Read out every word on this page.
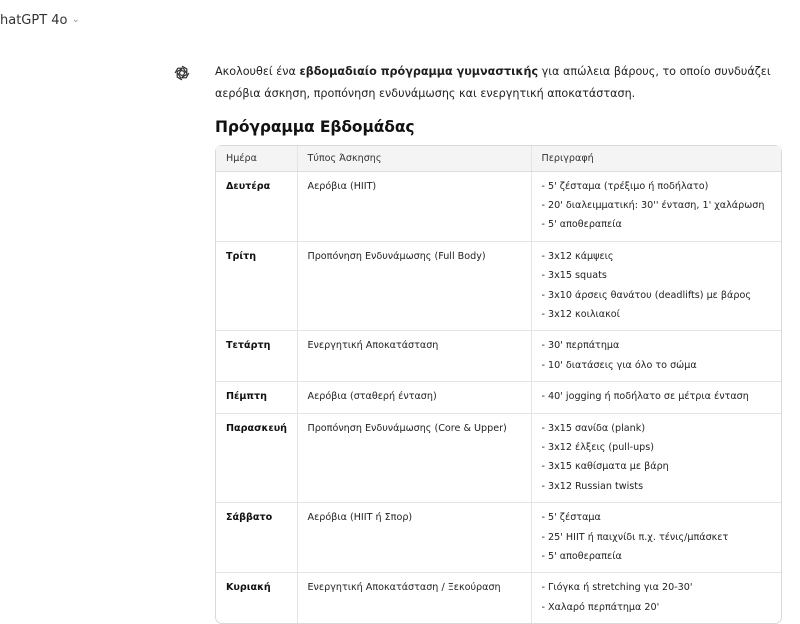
hatGPT 4o ⌄

Ακολουθεί ένα εβδομαδιαίο πρόγραμμα γυμναστικής για απώλεια βάρους, το οποίο συνδυάζει αερόβια άσκηση, προπόνηση ενδυνάμωσης και ενεργητική αποκατάσταση.

Πρόγραμμα Εβδομάδας
Ημέρα	Τύπος Άσκησης	Περιγραφή
Δευτέρα	Αερόβια (HIIT)	- 5' ζέσταμα (τρέξιμο ή ποδήλατο)
- 20' διαλειμματική: 30'' ένταση, 1' χαλάρωση
- 5' αποθεραπεία

Τρίτη	Προπόνηση Ενδυνάμωσης (Full Body)	- 3x12 κάμψεις
- 3x15 squats
- 3x10 άρσεις θανάτου (deadlifts) με βάρος
- 3x12 κοιλιακοί

Τετάρτη	Ενεργητική Αποκατάσταση	- 30' περπάτημα
- 10' διατάσεις για όλο το σώμα

Πέμπτη	Αερόβια (σταθερή ένταση)	- 40' jogging ή ποδήλατο σε μέτρια ένταση

Παρασκευή	Προπόνηση Ενδυνάμωσης (Core & Upper)	- 3x15 σανίδα (plank)
- 3x12 έλξεις (pull-ups)
- 3x15 καθίσματα με βάρη
- 3x12 Russian twists

Σάββατο	Αερόβια (HIIT ή Σπορ)	- 5' ζέσταμα
- 25' HIIT ή παιχνίδι π.χ. τένις/μπάσκετ
- 5' αποθεραπεία

Κυριακή	Ενεργητική Αποκατάσταση / Ξεκούραση	- Γιόγκα ή stretching για 20-30'
- Χαλαρό περπάτημα 20'
